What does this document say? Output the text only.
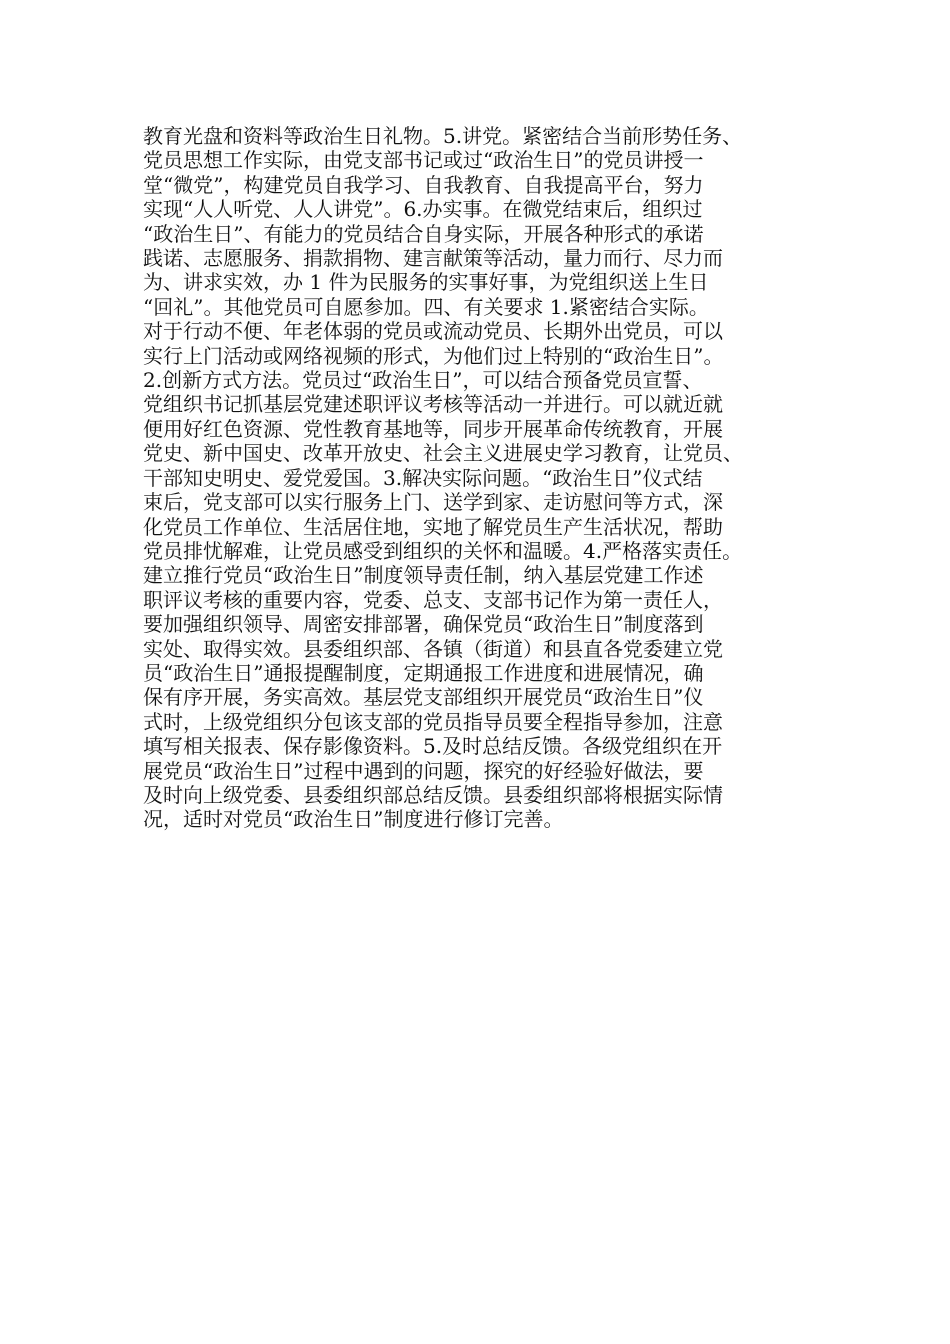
教育光盘和资料等政治生日礼物。5.讲党。紧密结合当前形势任务、
党员思想工作实际，由党支部书记或过“政治生日”的党员讲授一
堂“微党”，构建党员自我学习、自我教育、自我提高平台，努力
实现“人人听党、人人讲党”。6.办实事。在微党结束后，组织过
“政治生日”、有能力的党员结合自身实际，开展各种形式的承诺
践诺、志愿服务、捐款捐物、建言献策等活动，量力而行、尽力而
为、讲求实效，办 1 件为民服务的实事好事，为党组织送上生日
“回礼”。其他党员可自愿参加。四、有关要求 1.紧密结合实际。
对于行动不便、年老体弱的党员或流动党员、长期外出党员，可以
实行上门活动或网络视频的形式，为他们过上特别的“政治生日”。
2.创新方式方法。党员过“政治生日”，可以结合预备党员宣誓、
党组织书记抓基层党建述职评议考核等活动一并进行。可以就近就
便用好红色资源、党性教育基地等，同步开展革命传统教育，开展
党史、新中国史、改革开放史、社会主义进展史学习教育，让党员、
干部知史明史、爱党爱国。3.解决实际问题。“政治生日”仪式结
束后，党支部可以实行服务上门、送学到家、走访慰问等方式，深
化党员工作单位、生活居住地，实地了解党员生产生活状况，帮助
党员排忧解难，让党员感受到组织的关怀和温暖。4.严格落实责任。
建立推行党员“政治生日”制度领导责任制，纳入基层党建工作述
职评议考核的重要内容，党委、总支、支部书记作为第一责任人，
要加强组织领导、周密安排部署，确保党员“政治生日”制度落到
实处、取得实效。县委组织部、各镇（街道）和县直各党委建立党
员“政治生日”通报提醒制度，定期通报工作进度和进展情况，确
保有序开展，务实高效。基层党支部组织开展党员“政治生日”仪
式时，上级党组织分包该支部的党员指导员要全程指导参加，注意
填写相关报表、保存影像资料。5.及时总结反馈。各级党组织在开
展党员“政治生日”过程中遇到的问题，探究的好经验好做法，要
及时向上级党委、县委组织部总结反馈。县委组织部将根据实际情
况，适时对党员“政治生日”制度进行修订完善。
